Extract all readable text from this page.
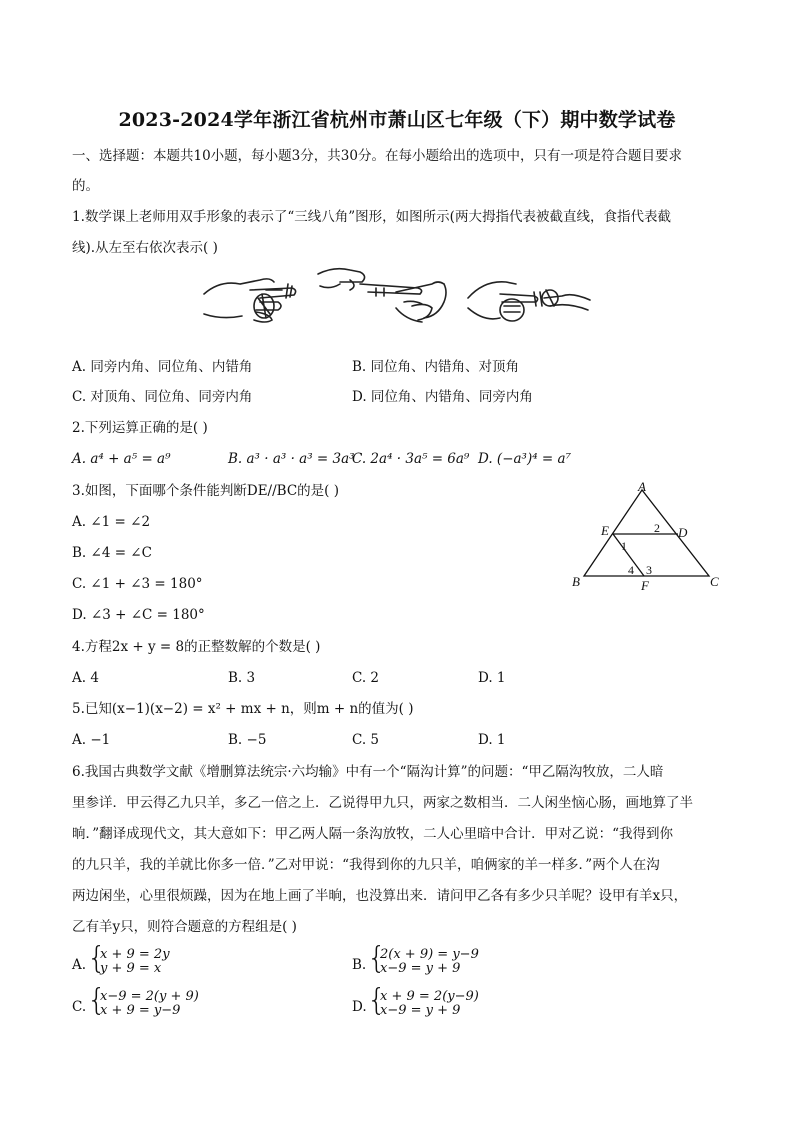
2023-2024学年浙江省杭州市萧山区七年级（下）期中数学试卷
一、选择题：本题共10小题，每小题3分，共30分。在每小题给出的选项中，只有一项是符合题目要求
的。
1.数学课上老师用双手形象的表示了“三线八角”图形，如图所示(两大拇指代表被截直线，食指代表截
线).从左至右依次表示( )
A. 同旁内角、同位角、内错角	B. 同位角、内错角、对顶角
C. 对顶角、同位角、同旁内角	D. 同位角、内错角、同旁内角
2.下列运算正确的是( )
A. a⁴ + a⁵ = a⁹	B. a³ · a³ · a³ = 3a³
C. 2a⁴ · 3a⁵ = 6a⁹ D. (−a³)⁴ = a⁷
3.如图，下面哪个条件能判断DE//BC的是( )
A. ∠1 = ∠2
B. ∠4 = ∠C
C. ∠1 + ∠3 = 180°
D. ∠3 + ∠C = 180°
A
E	D
B	F	C
2
1
4 3
4.方程2x + y = 8的正整数解的个数是( )
A. 4	B. 3	C. 2	D. 1
5.已知(x−1)(x−2) = x² + mx + n，则m + n的值为( )
A. −1	B. −5	C. 5	D. 1
6.我国古典数学文献《增删算法统宗·六均输》中有一个“隔沟计算”的问题：“甲乙隔沟牧放，二人暗
里参详．甲云得乙九只羊，多乙一倍之上．乙说得甲九只，两家之数相当．二人闲坐恼心肠，画地算了半
晌．”翻译成现代文，其大意如下：甲乙两人隔一条沟放牧，二人心里暗中合计．甲对乙说：“我得到你
的九只羊，我的羊就比你多一倍．”乙对甲说：“我得到你的九只羊，咱俩家的羊一样多．”两个人在沟
两边闲坐，心里很烦躁，因为在地上画了半晌，也没算出来．请问甲乙各有多少只羊呢？设甲有羊x只，
乙有羊y只，则符合题意的方程组是( )
A. {
x + 9 = 2y
y + 9 = x	B. {
2(x + 9) = y−9
x−9 = y + 9
C. {
x−9 = 2(y + 9)
x + 9 = y−9	D. {
x + 9 = 2(y−9)
x−9 = y + 9
